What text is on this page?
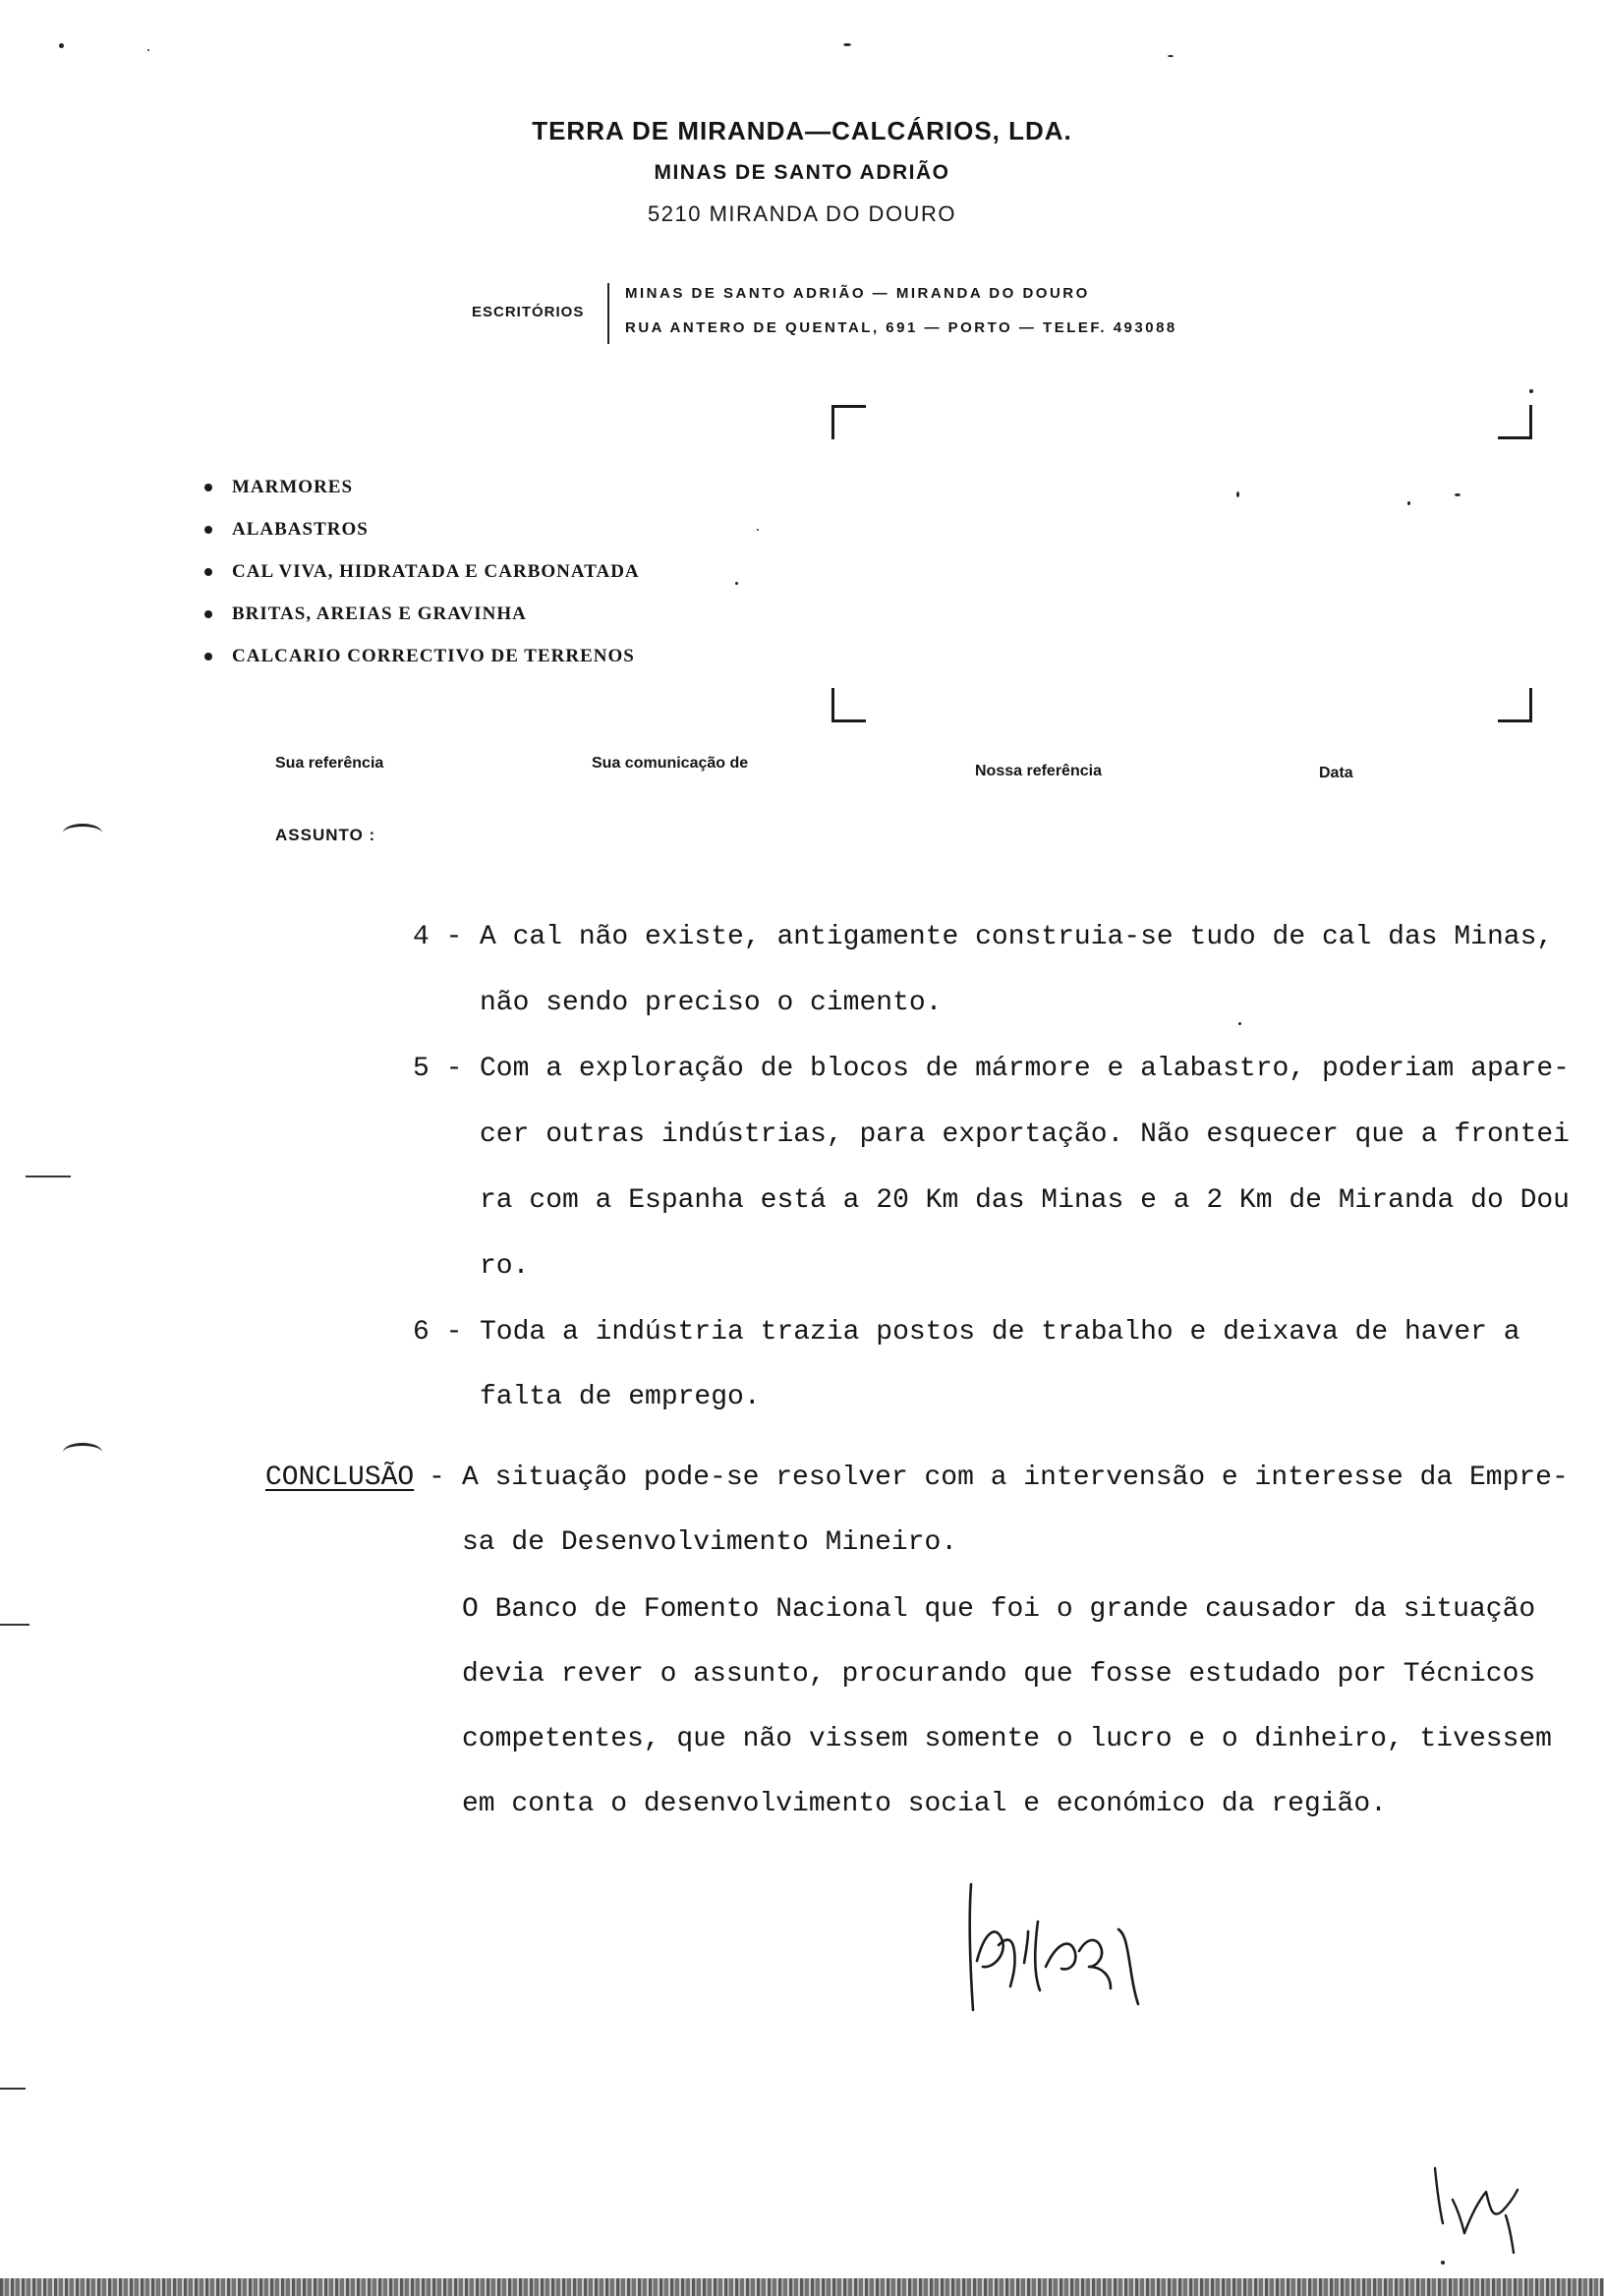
TERRA DE MIRANDA—CALCÁRIOS, LDA.
MINAS DE SANTO ADRIÃO
5210 MIRANDA DO DOURO
ESCRITÓRIOS
MINAS DE SANTO ADRIÃO — MIRANDA DO DOURO
RUA ANTERO DE QUENTAL, 691 — PORTO — TELEF. 493088
MARMORES
ALABASTROS
CAL VIVA, HIDRATADA E CARBONATADA
BRITAS, AREIAS E GRAVINHA
CALCARIO CORRECTIVO DE TERRENOS
Sua referência	Sua comunicação de	Nossa referência	Data
ASSUNTO :
4 - A cal não existe, antigamente construia-se tudo de cal das Minas,
não sendo preciso o cimento.
5 - Com a exploração de blocos de mármore e alabastro, poderiam apare-
cer outras indústrias, para exportação. Não esquecer que a frontei
ra com a Espanha está a 20 Km das Minas e a 2 Km de Miranda do Dou
ro.
6 - Toda a indústria trazia postos de trabalho e deixava de haver a
falta de emprego.
CONCLUSÃO - A situação pode-se resolver com a intervensão e interesse da Empre-
sa de Desenvolvimento Mineiro.
O Banco de Fomento Nacional que foi o grande causador da situação
devia rever o assunto, procurando que fosse estudado por Técnicos
competentes, que não vissem somente o lucro e o dinheiro, tivessem
em conta o desenvolvimento social e económico da região.
